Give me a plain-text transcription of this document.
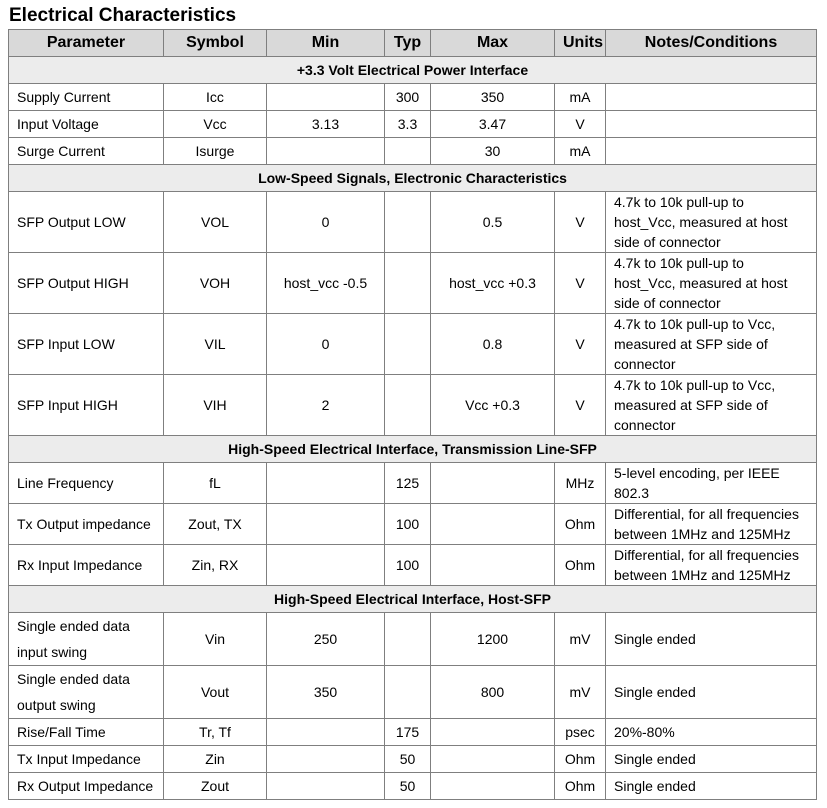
Electrical Characteristics
Parameter	Symbol	Min	Typ	Max	Units	Notes/Conditions
+3.3 Volt Electrical Power Interface						
Supply Current	Icc		300	350	mA	
Input Voltage	Vcc	3.13	3.3	3.47	V	
Surge Current	Isurge			30	mA	
Low-Speed Signals, Electronic Characteristics						
SFP Output LOW	VOL	0		0.5	V	4.7k to 10k pull-up to host_Vcc, measured at host side of connector
SFP Output HIGH	VOH	host_vcc -0.5		host_vcc +0.3	V	4.7k to 10k pull-up to host_Vcc, measured at host side of connector
SFP Input LOW	VIL	0		0.8	V	4.7k to 10k pull-up to Vcc, measured at SFP side of connector
SFP Input HIGH	VIH	2		Vcc +0.3	V	4.7k to 10k pull-up to Vcc, measured at SFP side of connector
High-Speed Electrical Interface, Transmission Line-SFP						
Line Frequency	fL		125		MHz	5-level encoding, per IEEE 802.3
Tx Output impedance	Zout, TX		100		Ohm	Differential, for all frequencies between 1MHz and 125MHz
Rx Input Impedance	Zin, RX		100		Ohm	Differential, for all frequencies between 1MHz and 125MHz
High-Speed Electrical Interface, Host-SFP						
Single ended data input swing	Vin	250		1200	mV	Single ended
Single ended data output swing	Vout	350		800	mV	Single ended
Rise/Fall Time	Tr, Tf		175		psec	20%-80%
Tx Input Impedance	Zin		50		Ohm	Single ended
Rx Output Impedance	Zout		50		Ohm	Single ended
